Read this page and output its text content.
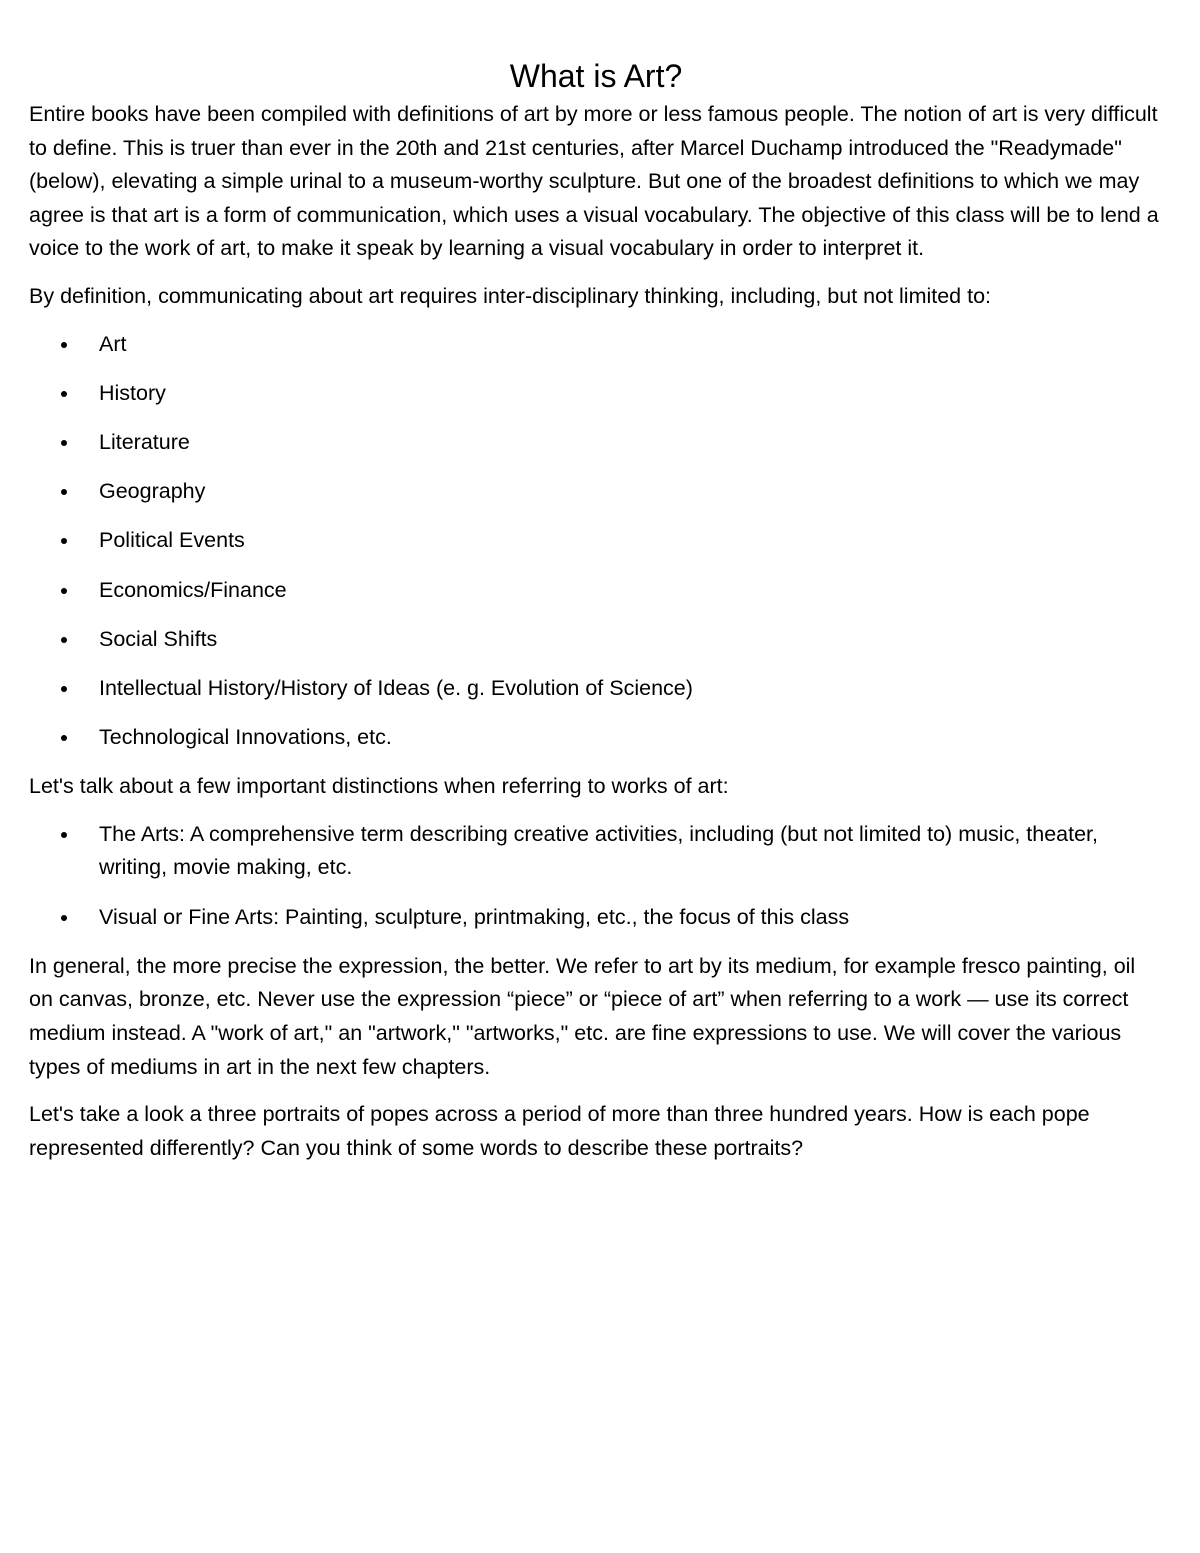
What is Art?

Entire books have been compiled with definitions of art by more or less famous people. The notion of art is very difficult to define. This is truer than ever in the 20th and 21st centuries, after Marcel Duchamp introduced the "Readymade" (below), elevating a simple urinal to a museum-worthy sculpture. But one of the broadest definitions to which we may agree is that art is a form of communication, which uses a visual vocabulary. The objective of this class will be to lend a voice to the work of art, to make it speak by learning a visual vocabulary in order to interpret it.

By definition, communicating about art requires inter-disciplinary thinking, including, but not limited to:

Art
History
Literature
Geography
Political Events
Economics/Finance
Social Shifts
Intellectual History/History of Ideas (e. g. Evolution of Science)
Technological Innovations, etc.

Let's talk about a few important distinctions when referring to works of art:

The Arts: A comprehensive term describing creative activities, including (but not limited to) music, theater, writing, movie making, etc.
Visual or Fine Arts: Painting, sculpture, printmaking, etc., the focus of this class

In general, the more precise the expression, the better. We refer to art by its medium, for example fresco painting, oil on canvas, bronze, etc. Never use the expression “piece” or “piece of art” when referring to a work — use its correct medium instead. A "work of art," an "artwork," "artworks," etc. are fine expressions to use. We will cover the various types of mediums in art in the next few chapters.

Let's take a look a three portraits of popes across a period of more than three hundred years. How is each pope represented differently? Can you think of some words to describe these portraits?
